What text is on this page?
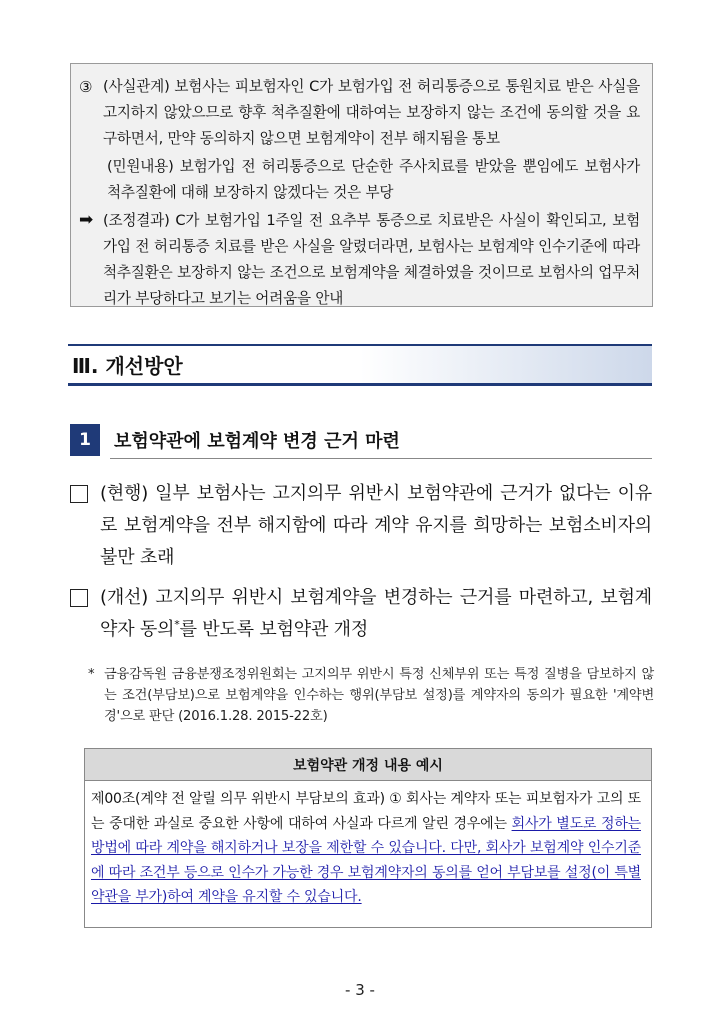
③ (사실관계) 보험사는 피보험자인 C가 보험가입 전 허리통증으로 통원치료 받은 사실을 고지하지 않았으므로 향후 척추질환에 대하여는 보장하지 않는 조건에 동의할 것을 요구하면서, 만약 동의하지 않으면 보험계약이 전부 해지됨을 통보
(민원내용) 보험가입 전 허리통증으로 단순한 주사치료를 받았을 뿐임에도 보험사가 척추질환에 대해 보장하지 않겠다는 것은 부당
➡ (조정결과) C가 보험가입 1주일 전 요추부 통증으로 치료받은 사실이 확인되고, 보험가입 전 허리통증 치료를 받은 사실을 알렸더라면, 보험사는 보험계약 인수기준에 따라 척추질환은 보장하지 않는 조건으로 보험계약을 체결하였을 것이므로 보험사의 업무처리가 부당하다고 보기는 어려움을 안내
Ⅲ. 개선방안
1	보험약관에 보험계약 변경 근거 마련
(현행) 일부 보험사는 고지의무 위반시 보험약관에 근거가 없다는 이유로 보험계약을 전부 해지함에 따라 계약 유지를 희망하는 보험소비자의 불만 초래
(개선) 고지의무 위반시 보험계약을 변경하는 근거를 마련하고, 보험계약자 동의*를 반도록 보험약관 개정
* 금융감독원 금융분쟁조정위원회는 고지의무 위반시 특정 신체부위 또는 특정 질병을 담보하지 않는 조건(부담보)으로 보험계약을 인수하는 행위(부담보 설정)를 계약자의 동의가 필요한 '계약변경'으로 판단 (2016.1.28. 2015-22호)
보험약관 개정 내용 예시
제00조(계약 전 알릴 의무 위반시 부담보의 효과) ① 회사는 계약자 또는 피보험자가 고의 또는 중대한 과실로 중요한 사항에 대하여 사실과 다르게 알린 경우에는 회사가 별도로 정하는 방법에 따라 계약을 해지하거나 보장을 제한할 수 있습니다. 다만, 회사가 보험계약 인수기준에 따라 조건부 등으로 인수가 가능한 경우 보험계약자의 동의를 얻어 부담보를 설정(이 특별약관을 부가)하여 계약을 유지할 수 있습니다.
- 3 -
